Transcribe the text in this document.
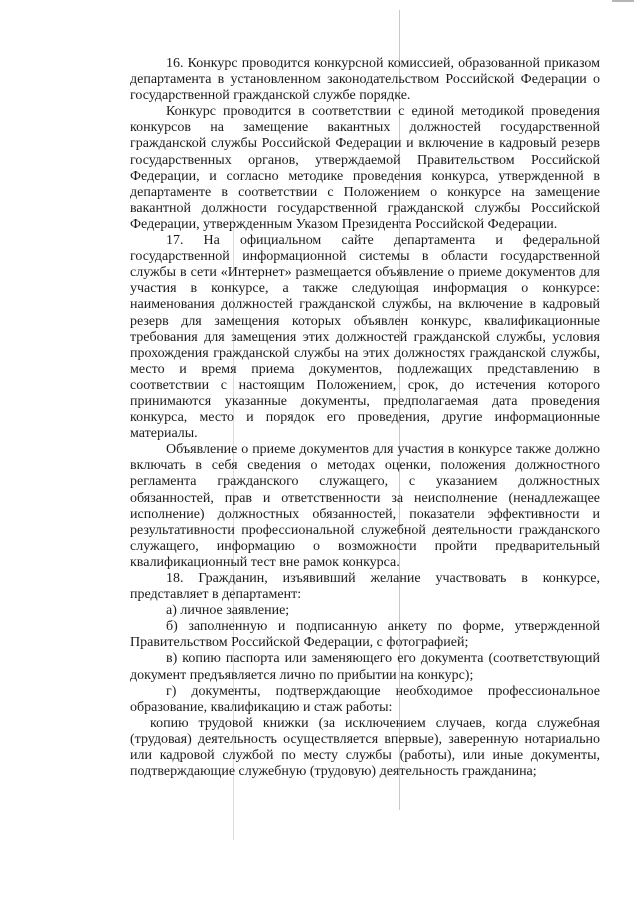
16. Конкурс проводится конкурсной комиссией, образованной приказом департамента в установленном законодательством Российской Федерации о государственной гражданской службе порядке.

Конкурс проводится в соответствии с единой методикой проведения конкурсов на замещение вакантных должностей государственной гражданской службы Российской Федерации и включение в кадровый резерв государственных органов, утверждаемой Правительством Российской Федерации, и согласно методике проведения конкурса, утвержденной в департаменте в соответствии с Положением о конкурсе на замещение вакантной должности государственной гражданской службы Российской Федерации, утвержденным Указом Президента Российской Федерации.

17. На официальном сайте департамента и федеральной государственной информационной системы в области государственной службы в сети «Интернет» размещается объявление о приеме документов для участия в конкурсе, а также следующая информация о конкурсе: наименования должностей гражданской службы, на включение в кадровый резерв для замещения которых объявлен конкурс, квалификационные требования для замещения этих должностей гражданской службы, условия прохождения гражданской службы на этих должностях гражданской службы, место и время приема документов, подлежащих представлению в соответствии с настоящим Положением, срок, до истечения которого принимаются указанные документы, предполагаемая дата проведения конкурса, место и порядок его проведения, другие информационные материалы.

Объявление о приеме документов для участия в конкурсе также должно включать в себя сведения о методах оценки, положения должностного регламента гражданского служащего, с указанием должностных обязанностей, прав и ответственности за неисполнение (ненадлежащее исполнение) должностных обязанностей, показатели эффективности и результативности профессиональной служебной деятельности гражданского служащего, информацию о возможности пройти предварительный квалификационный тест вне рамок конкурса.

18. Гражданин, изъявивший желание участвовать в конкурсе, представляет в департамент:

а) личное заявление;

б) заполненную и подписанную анкету по форме, утвержденной Правительством Российской Федерации, с фотографией;

в) копию паспорта или заменяющего его документа (соответствующий документ предъявляется лично по прибытии на конкурс);

г) документы, подтверждающие необходимое профессиональное образование, квалификацию и стаж работы:

копию трудовой книжки (за исключением случаев, когда служебная (трудовая) деятельность осуществляется впервые), заверенную нотариально или кадровой службой по месту службы (работы), или иные документы, подтверждающие служебную (трудовую) деятельность гражданина;
